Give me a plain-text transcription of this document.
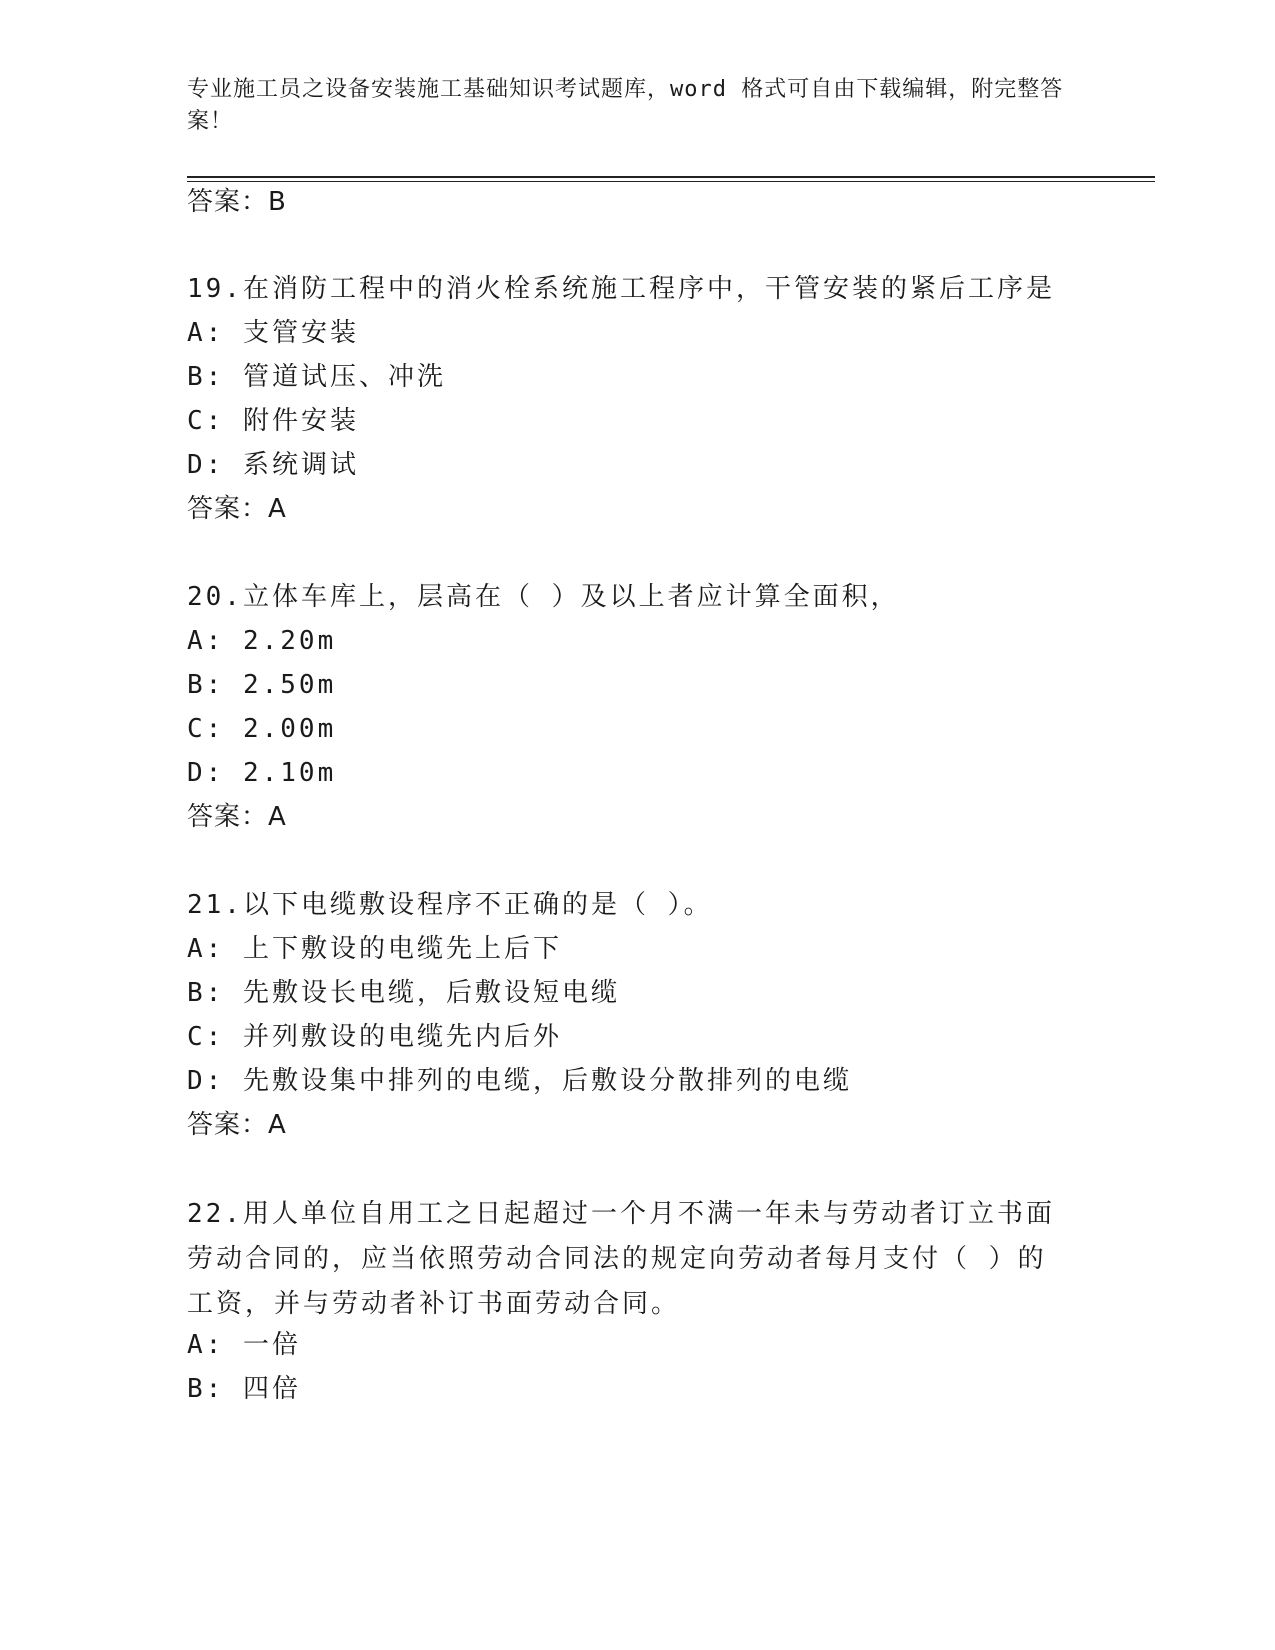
专业施工员之设备安装施工基础知识考试题库，word 格式可自由下载编辑，附完整答案！
答案：B
19.在消防工程中的消火栓系统施工程序中，干管安装的紧后工序是
A: 支管安装
B: 管道试压、冲洗
C: 附件安装
D: 系统调试
答案：A
20.立体车库上，层高在（ ）及以上者应计算全面积，
A: 2.20m
B: 2.50m
C: 2.00m
D: 2.10m
答案：A
21.以下电缆敷设程序不正确的是（ ）。
A: 上下敷设的电缆先上后下
B: 先敷设长电缆，后敷设短电缆
C: 并列敷设的电缆先内后外
D: 先敷设集中排列的电缆，后敷设分散排列的电缆
答案：A
22.用人单位自用工之日起超过一个月不满一年未与劳动者订立书面劳动合同的，应当依照劳动合同法的规定向劳动者每月支付（ ）的工资，并与劳动者补订书面劳动合同。
A: 一倍
B: 四倍
